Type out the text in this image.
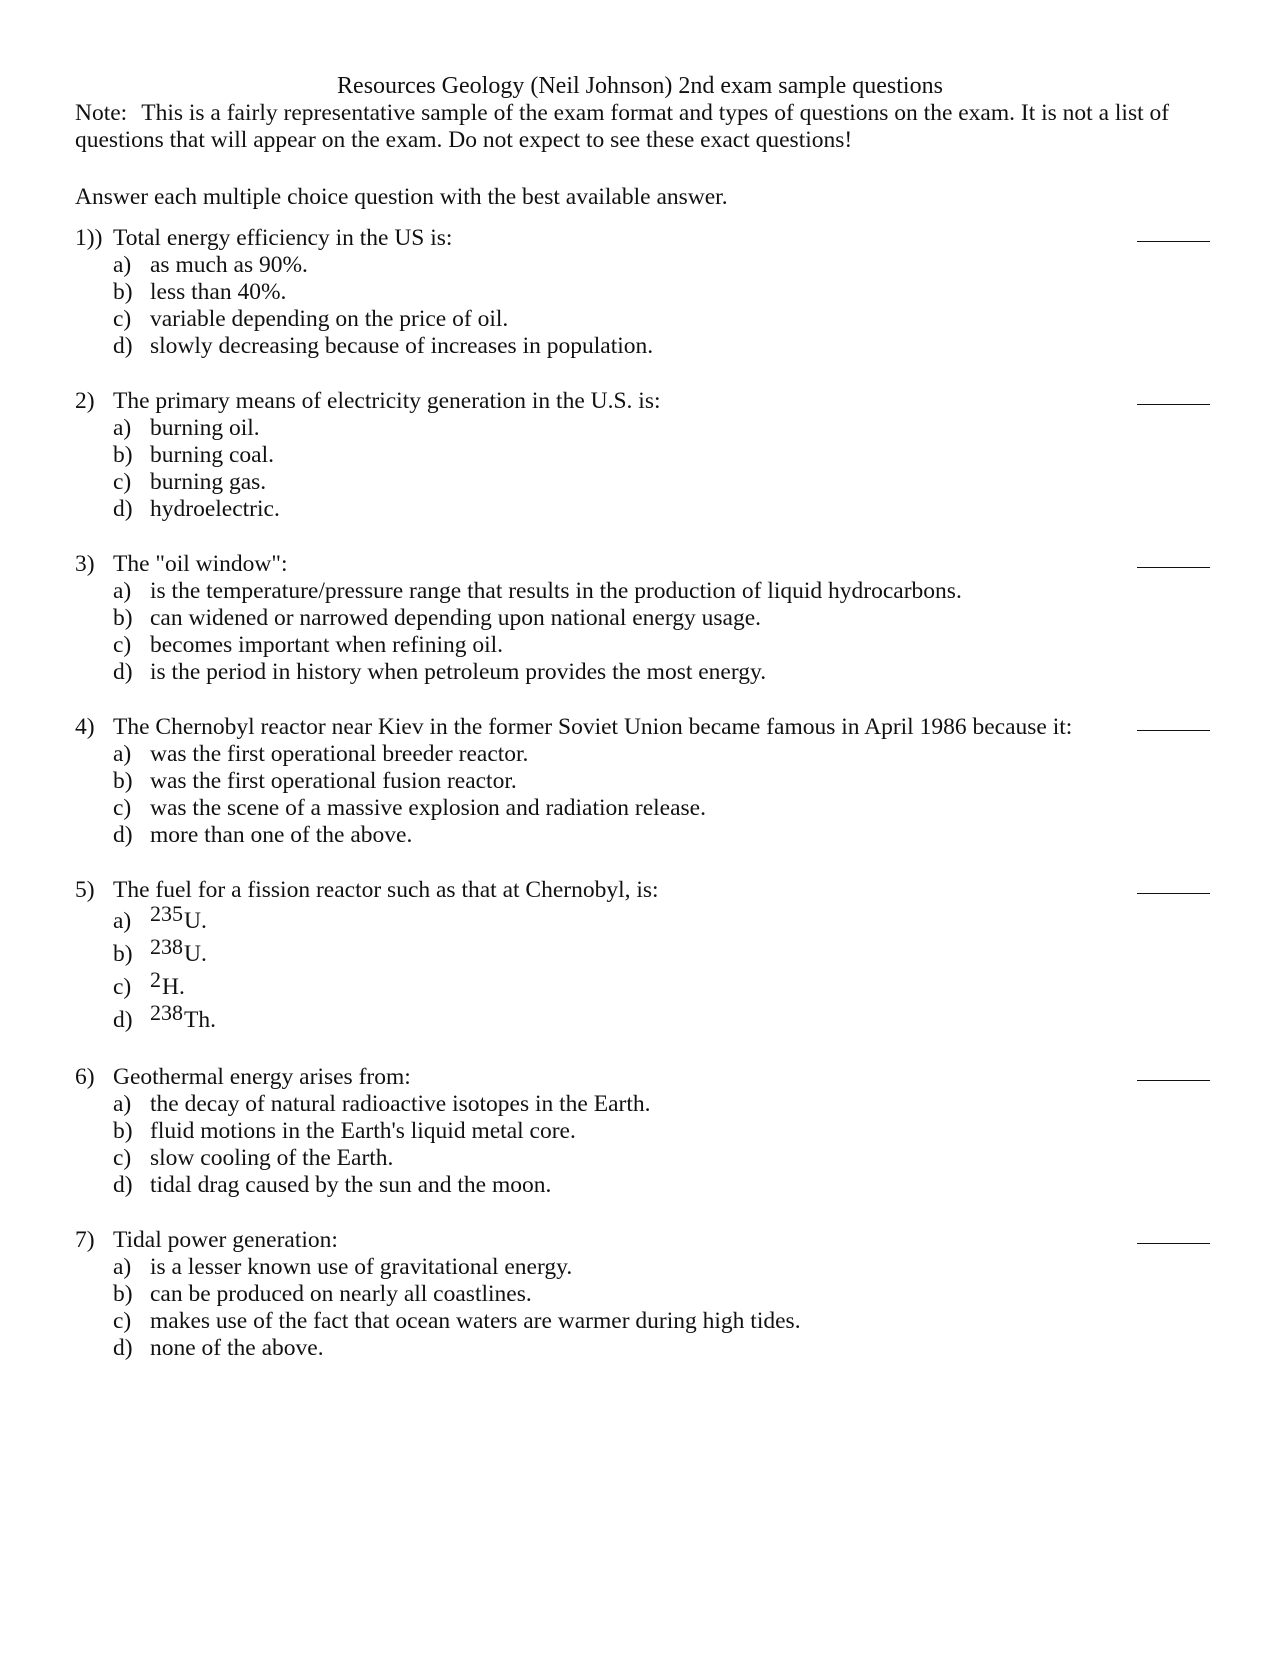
Resources Geology (Neil Johnson) 2nd exam sample questions
Note: This is a fairly representative sample of the exam format and types of questions on the exam. It is not a list of questions that will appear on the exam. Do not expect to see these exact questions!
Answer each multiple choice question with the best available answer.
1)) Total energy efficiency in the US is:
a) as much as 90%.
b) less than 40%.
c) variable depending on the price of oil.
d) slowly decreasing because of increases in population.
2) The primary means of electricity generation in the U.S. is:
a) burning oil.
b) burning coal.
c) burning gas.
d) hydroelectric.
3) The "oil window":
a) is the temperature/pressure range that results in the production of liquid hydrocarbons.
b) can widened or narrowed depending upon national energy usage.
c) becomes important when refining oil.
d) is the period in history when petroleum provides the most energy.
4) The Chernobyl reactor near Kiev in the former Soviet Union became famous in April 1986 because it:
a) was the first operational breeder reactor.
b) was the first operational fusion reactor.
c) was the scene of a massive explosion and radiation release.
d) more than one of the above.
5) The fuel for a fission reactor such as that at Chernobyl, is:
a) 235U.
b) 238U.
c) 2H.
d) 238Th.
6) Geothermal energy arises from:
a) the decay of natural radioactive isotopes in the Earth.
b) fluid motions in the Earth's liquid metal core.
c) slow cooling of the Earth.
d) tidal drag caused by the sun and the moon.
7) Tidal power generation:
a) is a lesser known use of gravitational energy.
b) can be produced on nearly all coastlines.
c) makes use of the fact that ocean waters are warmer during high tides.
d) none of the above.
